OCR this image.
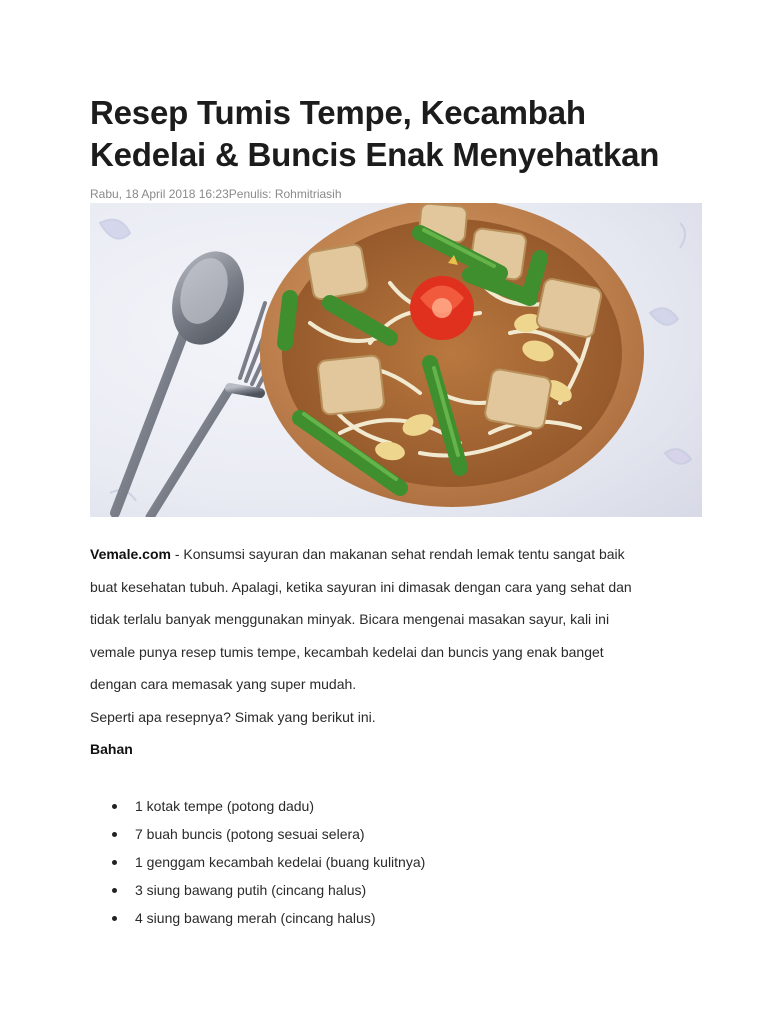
Resep Tumis Tempe, Kecambah Kedelai & Buncis Enak Menyehatkan
Rabu, 18 April 2018 16:23Penulis: Rohmitriasih
Vemale.com - Konsumsi sayuran dan makanan sehat rendah lemak tentu sangat baik
buat kesehatan tubuh. Apalagi, ketika sayuran ini dimasak dengan cara yang sehat dan
tidak terlalu banyak menggunakan minyak. Bicara mengenai masakan sayur, kali ini
vemale punya resep tumis tempe, kecambah kedelai dan buncis yang enak banget
dengan cara memasak yang super mudah.
Seperti apa resepnya? Simak yang berikut ini.
Bahan
1 kotak tempe (potong dadu)
7 buah buncis (potong sesuai selera)
1 genggam kecambah kedelai (buang kulitnya)
3 siung bawang putih (cincang halus)
4 siung bawang merah (cincang halus)
